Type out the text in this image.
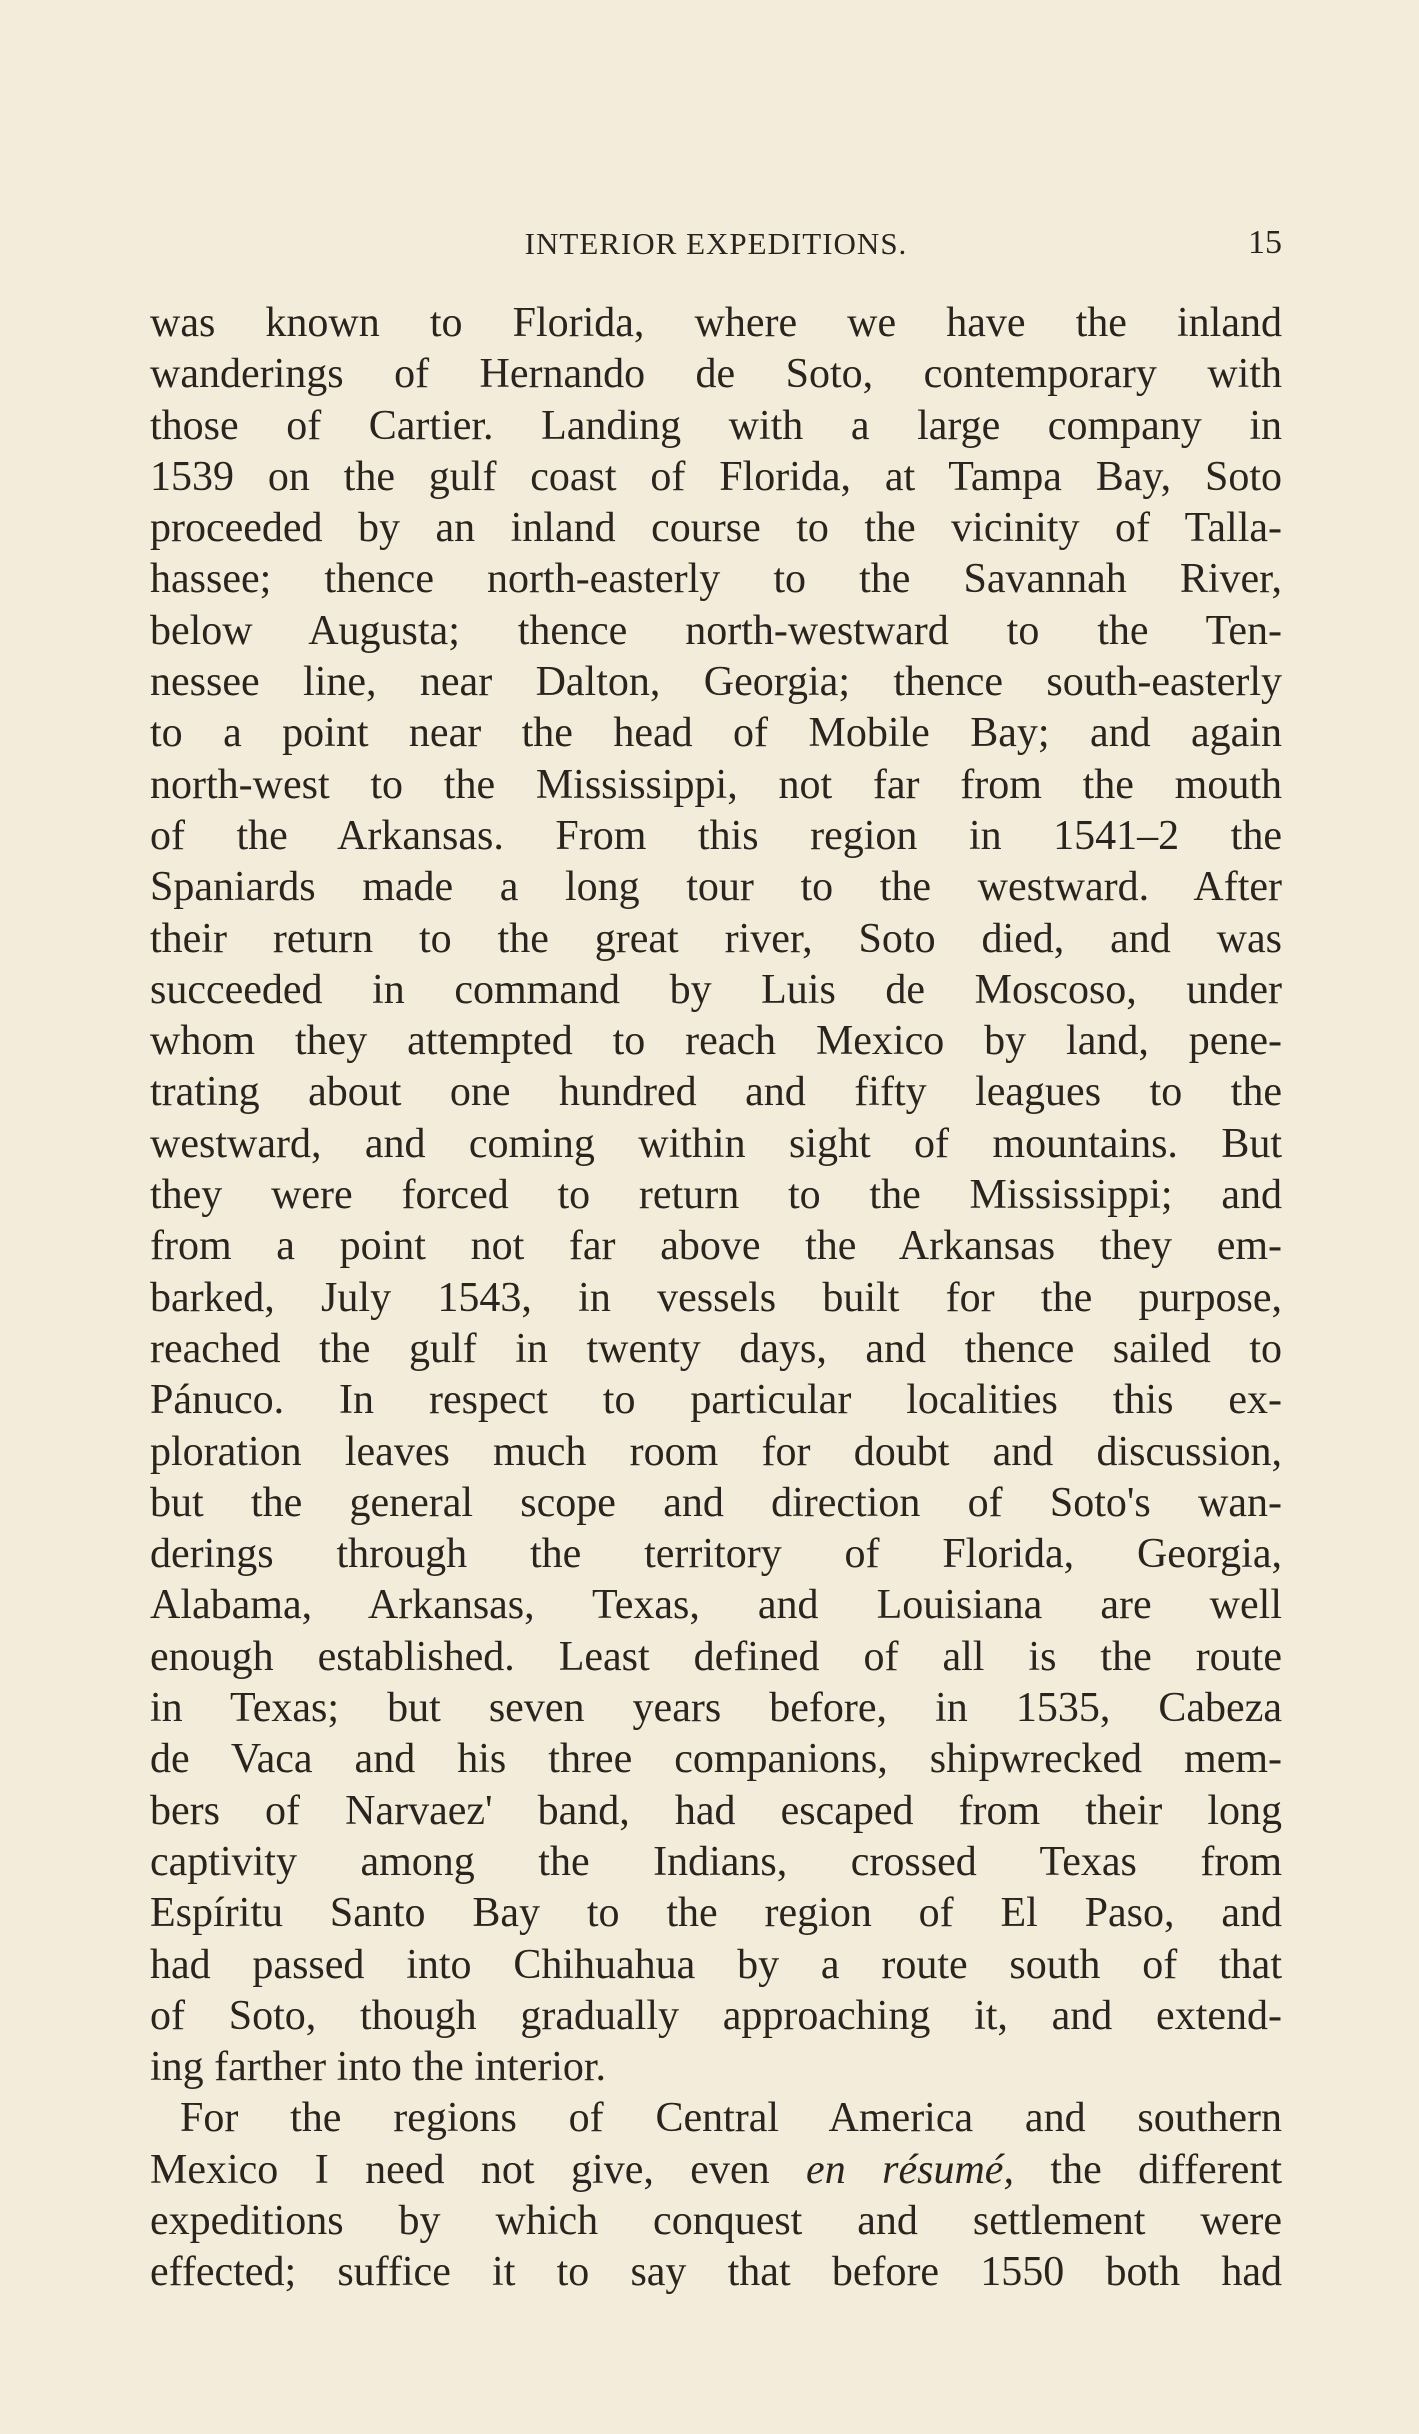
INTERIOR EXPEDITIONS.	15
was known to Florida, where we have the inland
wanderings of Hernando de Soto, contemporary with
those of Cartier. Landing with a large company in
1539 on the gulf coast of Florida, at Tampa Bay, Soto
proceeded by an inland course to the vicinity of Talla-
hassee; thence north-easterly to the Savannah River,
below Augusta; thence north-westward to the Ten-
nessee line, near Dalton, Georgia; thence south-easterly
to a point near the head of Mobile Bay; and again
north-west to the Mississippi, not far from the mouth
of the Arkansas. From this region in 1541–2 the
Spaniards made a long tour to the westward. After
their return to the great river, Soto died, and was
succeeded in command by Luis de Moscoso, under
whom they attempted to reach Mexico by land, pene-
trating about one hundred and fifty leagues to the
westward, and coming within sight of mountains. But
they were forced to return to the Mississippi; and
from a point not far above the Arkansas they em-
barked, July 1543, in vessels built for the purpose,
reached the gulf in twenty days, and thence sailed to
Pánuco. In respect to particular localities this ex-
ploration leaves much room for doubt and discussion,
but the general scope and direction of Soto's wan-
derings through the territory of Florida, Georgia,
Alabama, Arkansas, Texas, and Louisiana are well
enough established. Least defined of all is the route
in Texas; but seven years before, in 1535, Cabeza
de Vaca and his three companions, shipwrecked mem-
bers of Narvaez' band, had escaped from their long
captivity among the Indians, crossed Texas from
Espíritu Santo Bay to the region of El Paso, and
had passed into Chihuahua by a route south of that
of Soto, though gradually approaching it, and extend-
ing farther into the interior.
For the regions of Central America and southern
Mexico I need not give, even en résumé, the different
expeditions by which conquest and settlement were
effected; suffice it to say that before 1550 both had
